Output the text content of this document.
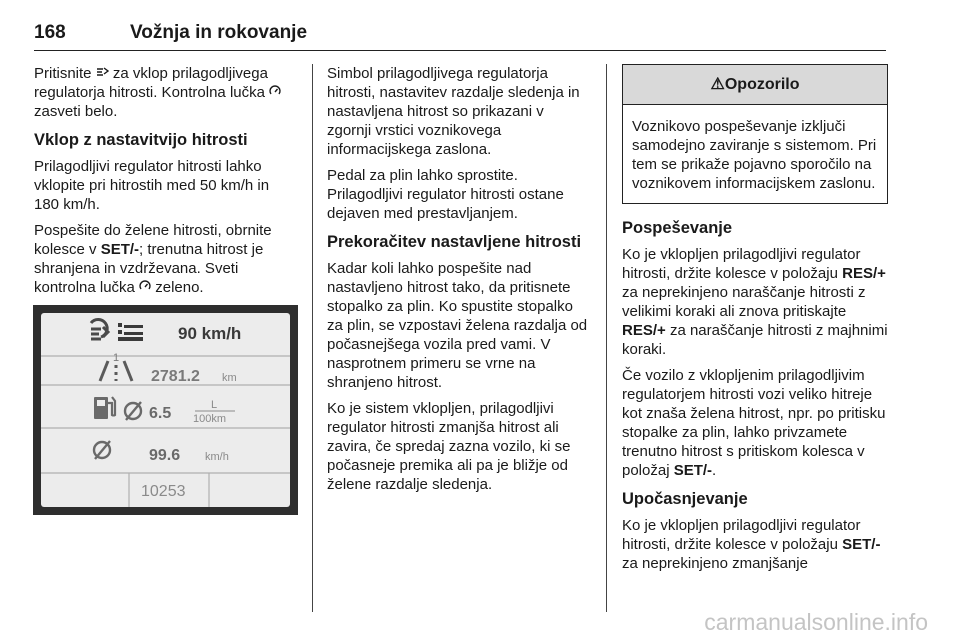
168	Vožnja in rokovanje

Pritisnite  za vklop prilagodljivega regulatorja hitrosti. Kontrolna lučka  zasveti belo.

Vklop z nastavitvijo hitrosti

Prilagodljivi regulator hitrosti lahko vklopite pri hitrostih med 50 km/h in 180 km/h.

Pospešite do želene hitrosti, obrnite kolesce v SET/-; trenutna hitrost je shranjena in vzdrževana. Sveti kontrolna lučka  zeleno.

90 km/h
1
2781.2 km
6.5	L
100km
99.6 km/h
10253

Simbol prilagodljivega regulatorja hitrosti, nastavitev razdalje sledenja in nastavljena hitrost so prikazani v zgornji vrstici voznikovega informacijskega zaslona.

Pedal za plin lahko sprostite. Prilagodljivi regulator hitrosti ostane dejaven med prestavljanjem.

Prekoračitev nastavljene hitrosti

Kadar koli lahko pospešite nad nastavljeno hitrost tako, da pritisnete stopalko za plin. Ko spustite stopalko za plin, se vzpostavi želena razdalja od počasnejšega vozila pred vami. V nasprotnem primeru se vrne na shranjeno hitrost.

Ko je sistem vklopljen, prilagodljivi regulator hitrosti zmanjša hitrost ali zavira, če spredaj zazna vozilo, ki se počasneje premika ali pa je bližje od želene razdalje sledenja.

⚠Opozorilo
Voznikovo pospeševanje izključi samodejno zaviranje s sistemom. Pri tem se prikaže pojavno sporočilo na voznikovem informacijskem zaslonu.
Pospeševanje

Ko je vklopljen prilagodljivi regulator hitrosti, držite kolesce v položaju RES/+ za neprekinjeno naraščanje hitrosti z velikimi koraki ali znova pritiskajte RES/+ za naraščanje hitrosti z majhnimi koraki.

Če vozilo z vklopljenim prilagodljivim regulatorjem hitrosti vozi veliko hitreje kot znaša želena hitrost, npr. po pritisku stopalke za plin, lahko privzamete trenutno hitrost s pritiskom kolesca v položaj SET/-.

Upočasnjevanje

Ko je vklopljen prilagodljivi regulator hitrosti, držite kolesce v položaju SET/- za neprekinjeno zmanjšanje

carmanualsonline.info
